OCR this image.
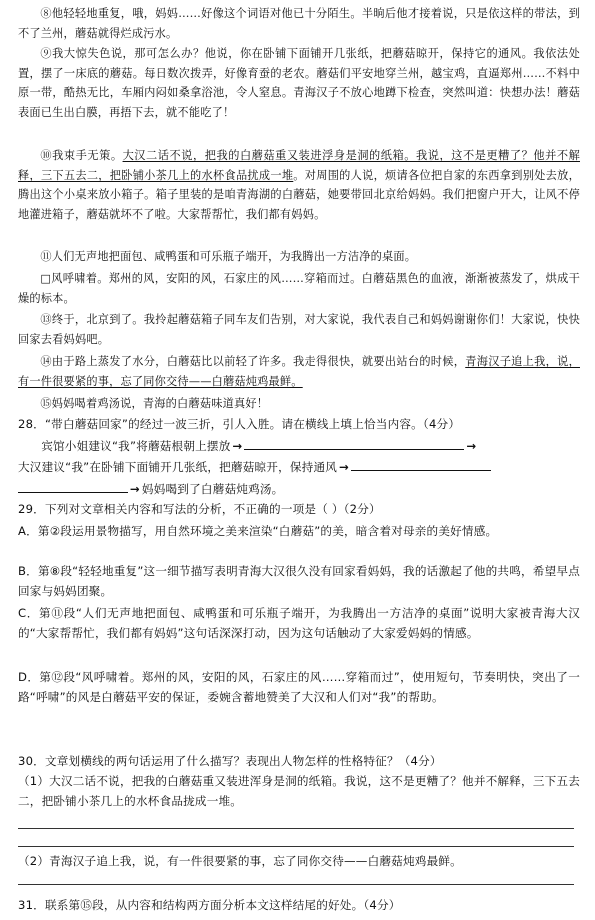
⑧他轻轻地重复，哦，妈妈……好像这个词语对他已十分陌生。半晌后他才接着说，只是依这样的带法，到不了兰州，蘑菇就得烂成污水。

⑨我大惊失色说，那可怎么办？他说，你在卧铺下面铺开几张纸，把蘑菇晾开，保持它的通风。我依法处置，摆了一床底的蘑菇。每日数次拨弄，好像育蚕的老农。蘑菇们平安地穿兰州，越宝鸡，直逼郑州……不料中原一带，酷热无比，车厢内闷如桑拿浴池，令人窒息。青海汉子不放心地蹲下检查，突然叫道：快想办法！蘑菇表面已生出白膜，再捂下去，就不能吃了！

⑩我束手无策。大汉二话不说，把我的白蘑菇重又装进浮身是洞的纸箱。我说，这不是更糟了？他并不解释，三下五去二，把卧铺小茶几上的水杯食品扰成一堆。对周围的人说，烦请各位把自家的东西拿到别处去放，腾出这个小桌来放小箱子。箱子里装的是咱青海湖的白蘑菇，她要带回北京给妈妈。我们把窗户开大，让风不停地灌进箱子，蘑菇就坏不了啦。大家帮帮忙，我们都有妈妈。

⑪人们无声地把面包、咸鸭蛋和可乐瓶子端开，为我腾出一方洁净的桌面。

□风呼啸着。郑州的风，安阳的风，石家庄的风……穿箱而过。白蘑菇黑色的血液，渐渐被蒸发了，烘成干燥的标本。

⑬终于，北京到了。我拎起蘑菇箱子同车友们告别，对大家说，我代表自己和妈妈谢谢你们！大家说，快快回家去看妈妈吧。

⑭由于路上蒸发了水分，白蘑菇比以前轻了许多。我走得很快，就要出站台的时候，青海汉子追上我，说，有一件很要紧的事，忘了同你交待——白蘑菇炖鸡最鲜。

⑮妈妈喝着鸡汤说，青海的白蘑菇味道真好！

28．“带白蘑菇回家”的经过一波三折，引人入胜。请在横线上填上恰当内容。（4分）

宾馆小姐建议“我”将蘑菇根朝上摆放 →	→

大汉建议“我”在卧铺下面铺开几张纸，把蘑菇晾开，保持通风 →

→ 妈妈喝到了白蘑菇炖鸡汤。

29．下列对文章相关内容和写法的分析，不正确的一项是（ ）（2分）

A．第②段运用景物描写，用自然环境之美来渲染“白蘑菇”的美，暗含着对母亲的美好情感。

B．第⑧段“轻轻地重复”这一细节描写表明青海大汉很久没有回家看妈妈，我的话激起了他的共鸣，希望早点回家与妈妈团聚。

C．第⑪段“人们无声地把面包、咸鸭蛋和可乐瓶子端开，为我腾出一方洁净的桌面”说明大家被青海大汉的“大家帮帮忙，我们都有妈妈”这句话深深打动，因为这句话触动了大家爱妈妈的情感。

D．第⑫段“风呼啸着。郑州的风，安阳的风，石家庄的风……穿箱而过”，使用短句，节奏明快，突出了一路“呼啸”的风是白蘑菇平安的保证，委婉含蓄地赞美了大汉和人们对“我”的帮助。

30．文章划横线的两句话运用了什么描写？表现出人物怎样的性格特征？（4分）

（1）大汉二话不说，把我的白蘑菇重又装进浑身是洞的纸箱。我说，这不是更糟了？他并不解释，三下五去二，把卧铺小茶几上的水杯食品拢成一堆。

（2）青海汉子追上我，说，有一件很要紧的事，忘了同你交待——白蘑菇炖鸡最鲜。

31．联系第⑮段，从内容和结构两方面分析本文这样结尾的好处。（4分）
